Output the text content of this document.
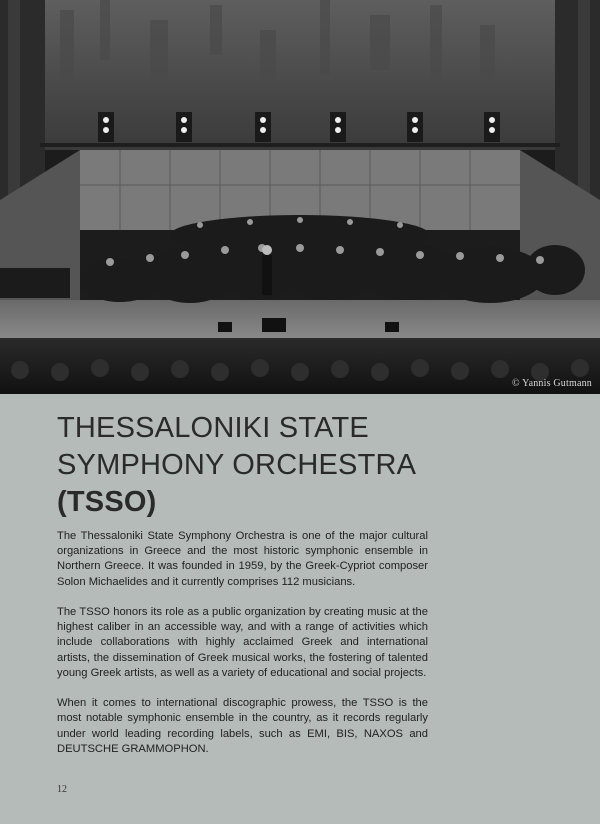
© Yannis Gutmann
THESSALONIKI STATE
SYMPHONY ORCHESTRA
(TSSO)

The Thessaloniki State Symphony Orchestra is one of the major cultural organizations in Greece and the most historic symphonic ensemble in Northern Greece. It was founded in 1959, by the Greek-Cypriot composer Solon Michaelides and it currently comprises 112 musicians.

The TSSO honors its role as a public organization by creating music at the highest caliber in an accessible way, and with a range of activities which include collaborations with highly acclaimed Greek and international artists, the dissemination of Greek musical works, the fostering of talented young Greek artists, as well as a variety of educational and social projects.

When it comes to international discographic prowess, the TSSO is the most notable symphonic ensemble in the country, as it records regularly under world leading recording labels, such as EMI, BIS, NAXOS and DEUTSCHE GRAMMOPHON.

12
